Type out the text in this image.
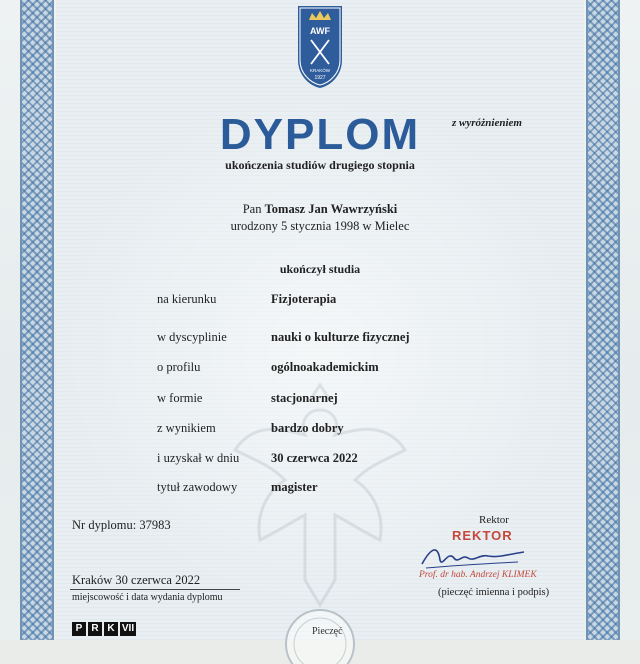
AWF
KRAKÓW
1927
DYPLOM	z wyróżnieniem
ukończenia studiów drugiego stopnia
Pan Tomasz Jan Wawrzyński
urodzony 5 stycznia 1998 w Mielec
ukończył studia
na kierunku	Fizjoterapia
w dyscyplinie	nauki o kulturze fizycznej
o profilu	ogólnoakademickim
w formie	stacjonarnej
z wynikiem	bardzo dobry
i uzyskał w dniu	30 czerwca 2022
tytuł zawodowy	magister
Nr dyplomu: 37983	Rektor
REKTOR
Prof. dr hab. Andrzej KLIMEK
(pieczęć imienna i podpis)
Kraków 30 czerwca 2022
miejscowość i data wydania dyplomu
P R K VII	Pieczęć
